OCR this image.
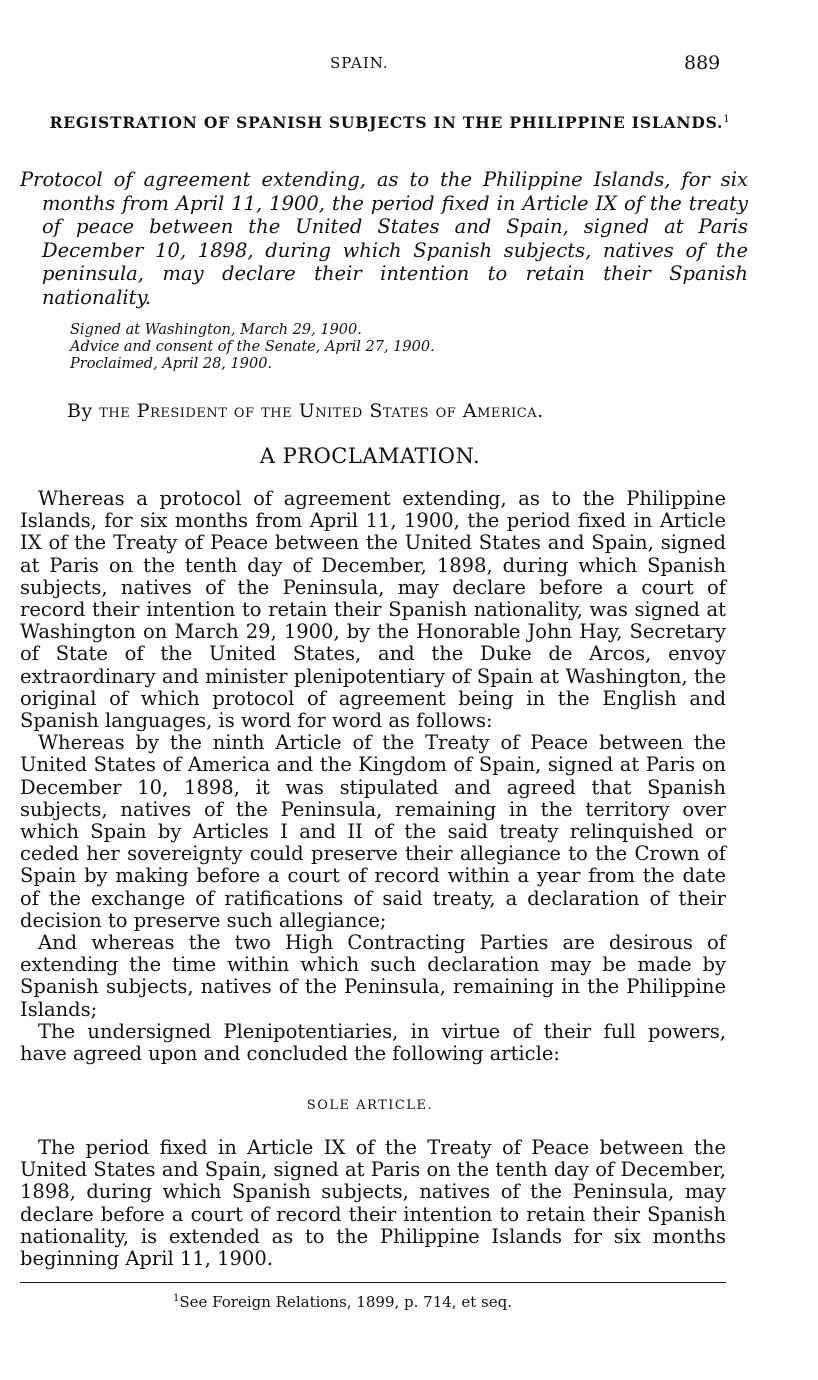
SPAIN.	889
REGISTRATION OF SPANISH SUBJECTS IN THE PHILIPPINE ISLANDS.$^1$
Protocol of agreement extending, as to the Philippine Islands, for six months from April 11, 1900, the period fixed in Article IX of the treaty of peace between the United States and Spain, signed at Paris December 10, 1898, during which Spanish subjects, natives of the peninsula, may declare their intention to retain their Spanish nationality.
Signed at Washington, March 29, 1900.
Advice and consent of the Senate, April 27, 1900.
Proclaimed, April 28, 1900.
By the President of the United States of America.
A PROCLAMATION.

Whereas a protocol of agreement extending, as to the Philippine Islands, for six months from April 11, 1900, the period fixed in Article IX of the Treaty of Peace between the United States and Spain, signed at Paris on the tenth day of December, 1898, during which Spanish subjects, natives of the Peninsula, may declare before a court of record their intention to retain their Spanish nationality, was signed at Washington on March 29, 1900, by the Honorable John Hay, Secretary of State of the United States, and the Duke de Arcos, envoy extraordinary and minister plenipotentiary of Spain at Washington, the original of which protocol of agreement being in the English and Spanish languages, is word for word as follows:

Whereas by the ninth Article of the Treaty of Peace between the United States of America and the Kingdom of Spain, signed at Paris on December 10, 1898, it was stipulated and agreed that Spanish subjects, natives of the Peninsula, remaining in the territory over which Spain by Articles I and II of the said treaty relinquished or ceded her sovereignty could preserve their allegiance to the Crown of Spain by making before a court of record within a year from the date of the exchange of ratifications of said treaty, a declaration of their decision to preserve such allegiance;

And whereas the two High Contracting Parties are desirous of extending the time within which such declaration may be made by Spanish subjects, natives of the Peninsula, remaining in the Philippine Islands;

The undersigned Plenipotentiaries, in virtue of their full powers, have agreed upon and concluded the following article:

SOLE ARTICLE.

The period fixed in Article IX of the Treaty of Peace between the United States and Spain, signed at Paris on the tenth day of December, 1898, during which Spanish subjects, natives of the Peninsula, may declare before a court of record their intention to retain their Spanish nationality, is extended as to the Philippine Islands for six months beginning April 11, 1900.

$^1$See Foreign Relations, 1899, p. 714, et seq.
